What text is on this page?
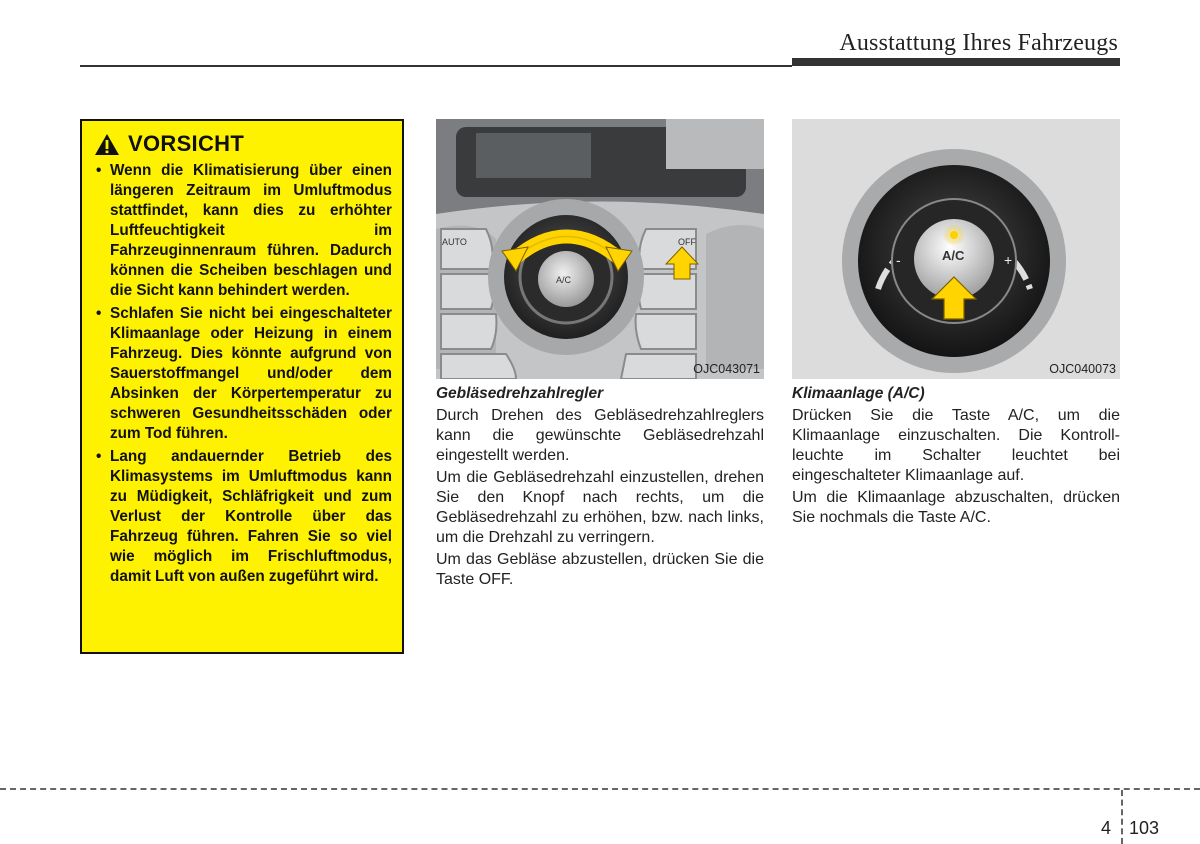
Ausstattung Ihres Fahrzeugs
VORSICHT
• Wenn die Klimatisierung über einen längeren Zeitraum im Umluftmodus stattfindet, kann dies zu erhöhter Luftfeuchtigkeit im Fahrzeuginnenraum führen. Dadurch können die Scheiben beschlagen und die Sicht kann behindert werden.
• Schlafen Sie nicht bei eingeschalteter Klimaanlage oder Heizung in einem Fahrzeug. Dies könnte aufgrund von Sauerstoffmangel und/oder dem Absinken der Körpertemperatur zu schweren Gesundheitsschäden oder zum Tod führen.
• Lang andauernder Betrieb des Klimasystems im Umluftmodus kann zu Müdigkeit, Schläfrigkeit und zum Verlust der Kontrolle über das Fahrzeug führen. Fahren Sie so viel wie möglich im Frischluftmodus, damit Luft von außen zugeführt wird.
AUTO	OFF
A/C
OJC043071
A/C
-	+
OJC040073
Gebläsedrehzahlregler

Durch Drehen des Gebläsedrehzahlreglers kann die gewünschte Gebläsedrehzahl eingestellt werden.

Um die Gebläsedrehzahl einzustellen, drehen Sie den Knopf nach rechts, um die Gebläsedrehzahl zu erhöhen, bzw. nach links, um die Drehzahl zu verringern.

Um das Gebläse abzustellen, drücken Sie die Taste OFF.

Klimaanlage (A/C)

Drücken Sie die Taste A/C, um die Klimaanlage einzuschalten. Die Kontrollleuchte im Schalter leuchtet bei eingeschalteter Klimaanlage auf.

Um die Klimaanlage abzuschalten, drücken Sie nochmals die Taste A/C.

4 103
